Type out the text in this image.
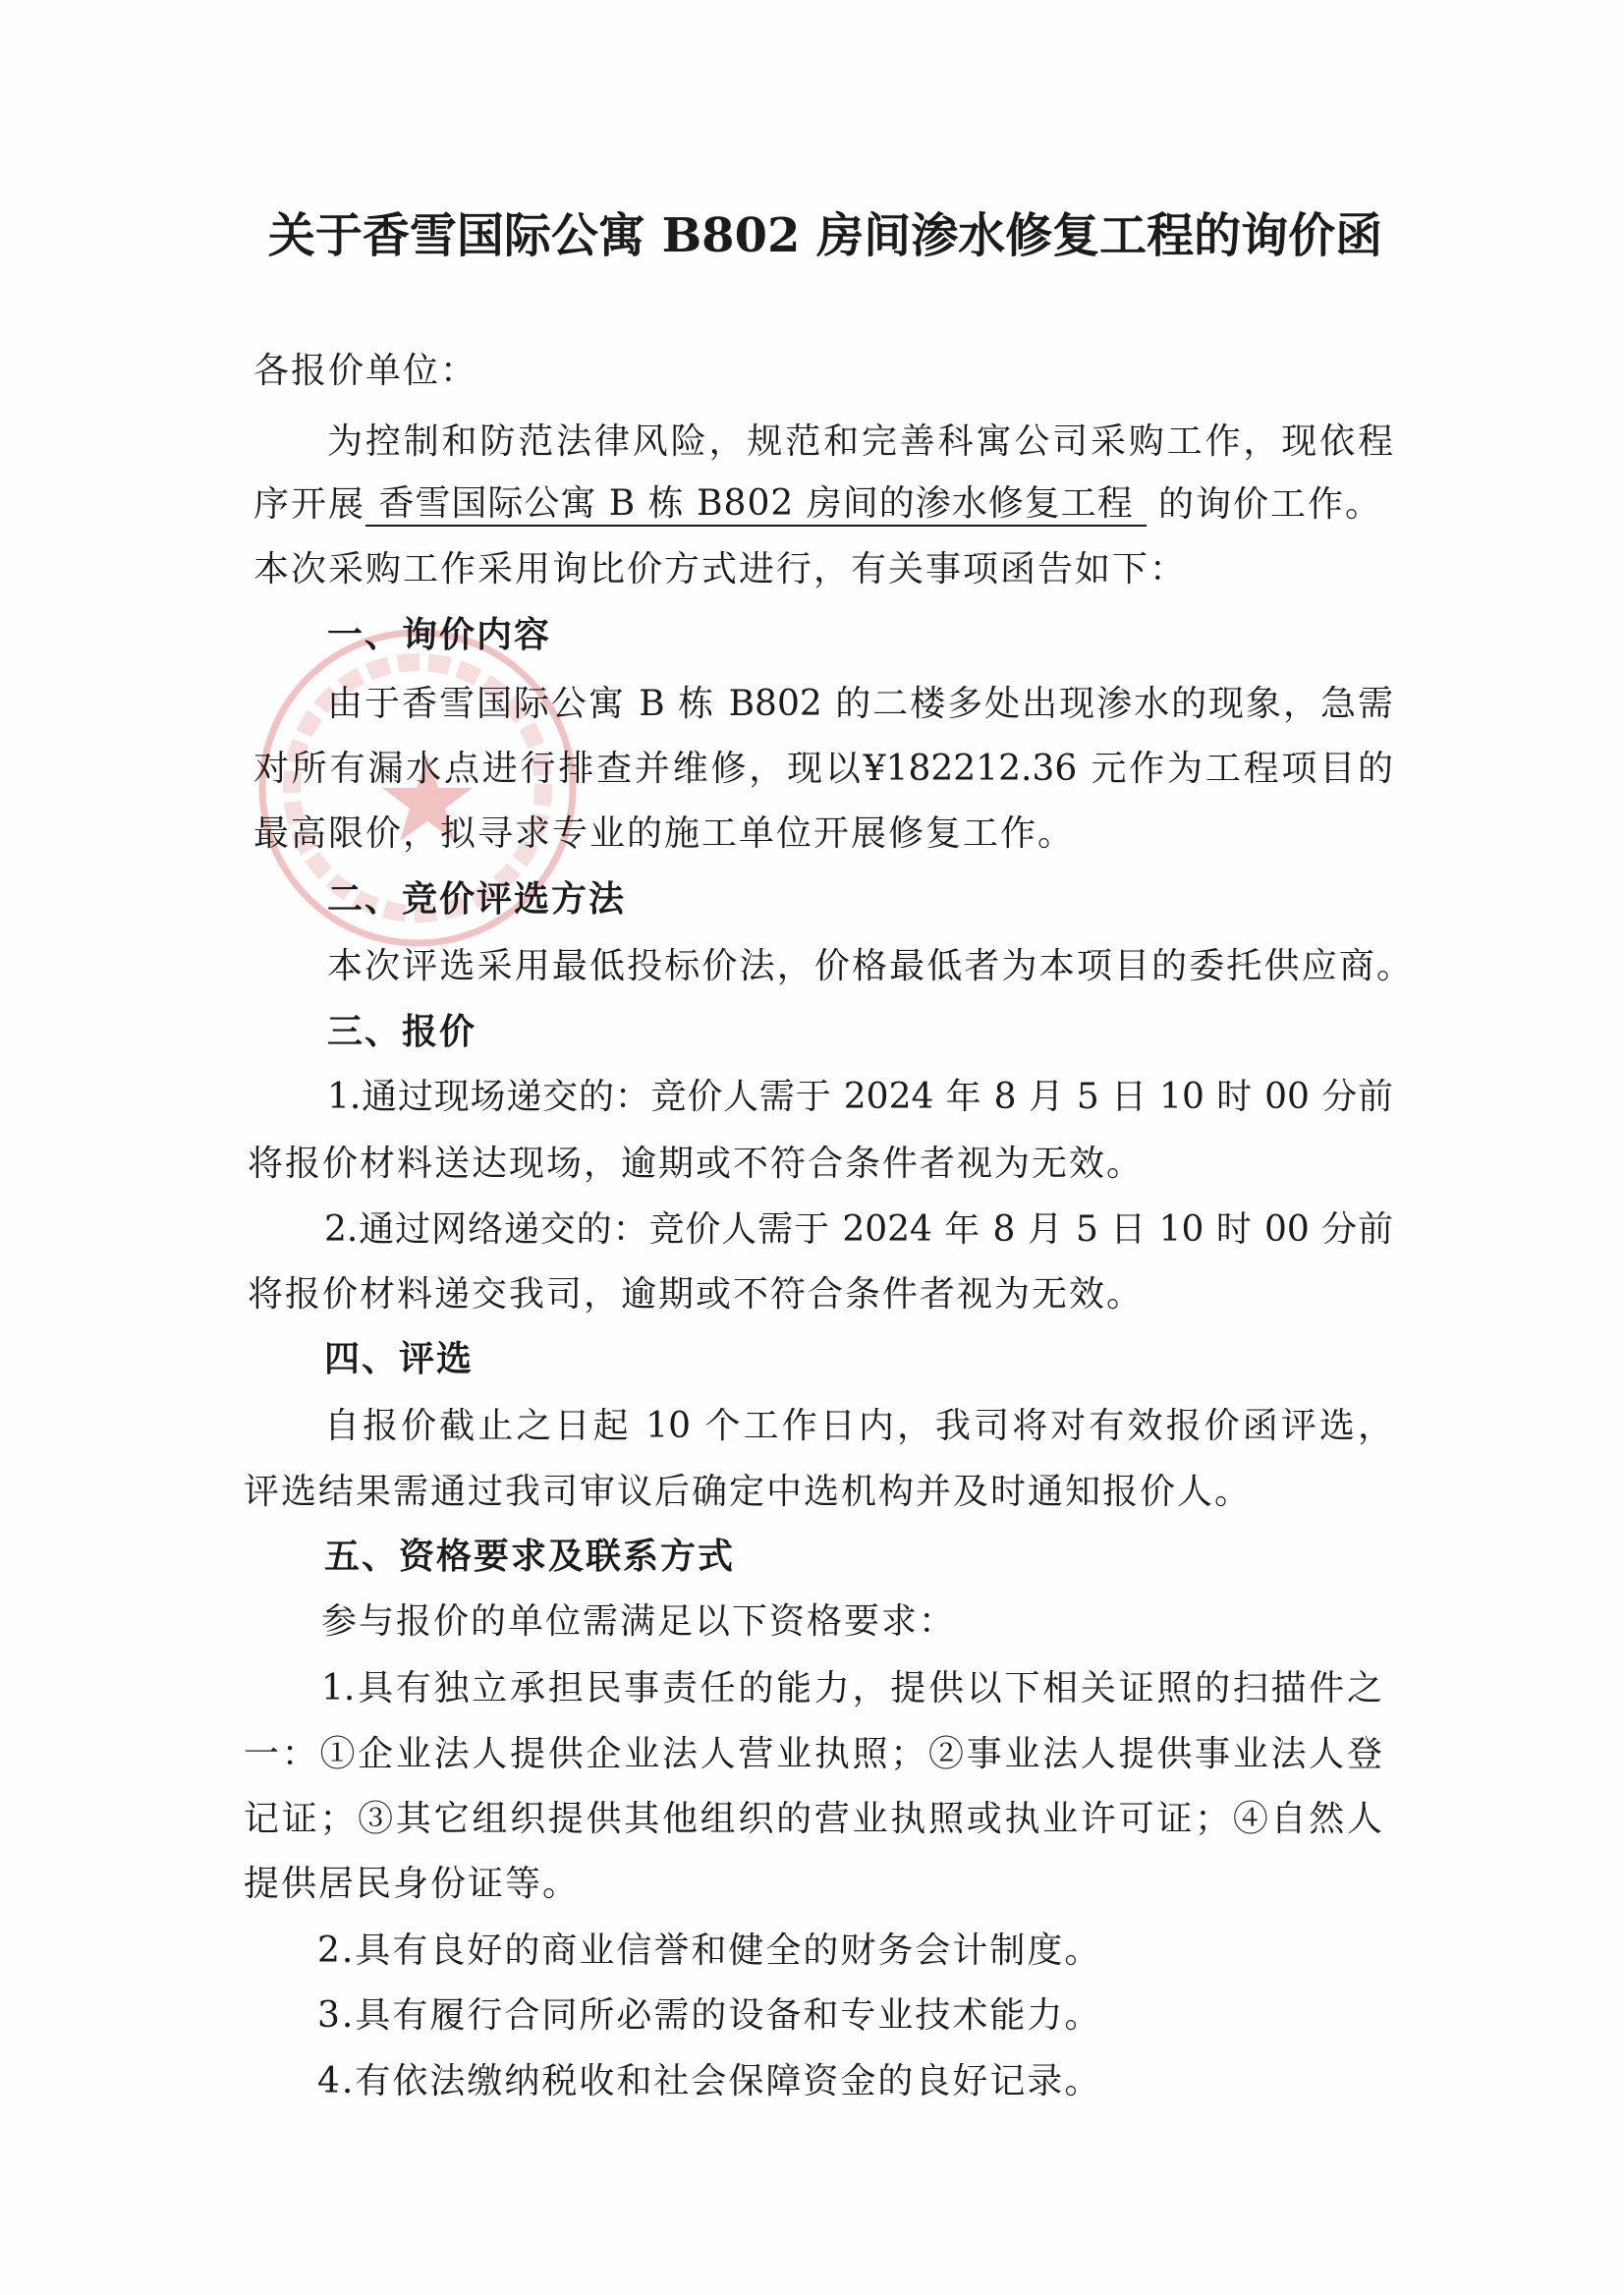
关于香雪国际公寓 B802 房间渗水修复工程的询价函
各报价单位：
为控制和防范法律风险，规范和完善科寓公司采购工作，现依程
序开展 香雪国际公寓 B 栋 B802 房间的渗水修复工程 的询价工作。
本次采购工作采用询比价方式进行，有关事项函告如下：
一、询价内容
由于香雪国际公寓 B 栋 B802 的二楼多处出现渗水的现象，急需
对所有漏水点进行排查并维修，现以¥182212.36 元作为工程项目的
最高限价，拟寻求专业的施工单位开展修复工作。
二、竞价评选方法
本次评选采用最低投标价法，价格最低者为本项目的委托供应商。
三、报价
1.通过现场递交的：竞价人需于 2024 年 8 月 5 日 10 时 00 分前
将报价材料送达现场，逾期或不符合条件者视为无效。
2.通过网络递交的：竞价人需于 2024 年 8 月 5 日 10 时 00 分前
将报价材料递交我司，逾期或不符合条件者视为无效。
四、评选
自报价截止之日起 10 个工作日内，我司将对有效报价函评选，
评选结果需通过我司审议后确定中选机构并及时通知报价人。
五、资格要求及联系方式
参与报价的单位需满足以下资格要求：
1.具有独立承担民事责任的能力，提供以下相关证照的扫描件之
一：①企业法人提供企业法人营业执照；②事业法人提供事业法人登
记证；③其它组织提供其他组织的营业执照或执业许可证；④自然人
提供居民身份证等。
2.具有良好的商业信誉和健全的财务会计制度。
3.具有履行合同所必需的设备和专业技术能力。
4.有依法缴纳税收和社会保障资金的良好记录。
